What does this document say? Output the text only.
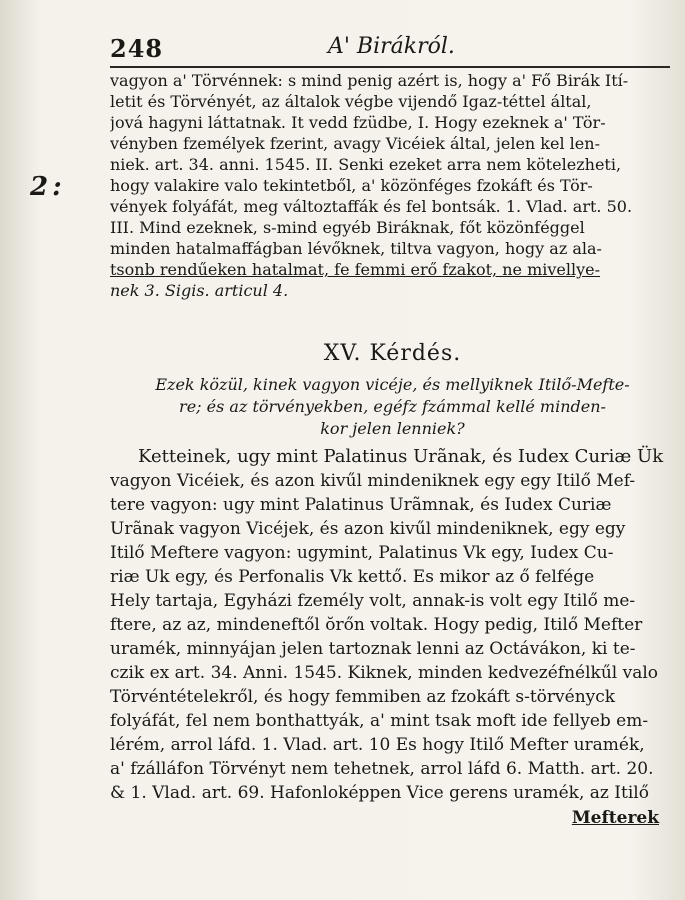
248	A' Birákról.
2:
vagyon a' Törvénnek: s mind penig azért is, hogy a' Fő Birák Ití-
letit és Törvényét, az általok végbe vijendő Igaz-téttel által,
jová hagyni láttatnak. It vedd fzüdbe, I. Hogy ezeknek a' Tör-
vényben fzemélyek fzerint, avagy Vicéiek által, jelen kel len-
niek. art. 34. anni. 1545. II. Senki ezeket arra nem kötelezheti,
hogy valakire valo tekintetből, a' közönféges fzokáft és Tör-
vények folyáfát, meg változtaffák és fel bontsák. 1. Vlad. art. 50.
III. Mind ezeknek, s-mind egyéb Biráknak, főt közönféggel
minden hatalmaffágban lévőknek, tiltva vagyon, hogy az ala-
tsonb rendűeken hatalmat, fe femmi erő fzakot, ne mivellye-
nek 3. Sigis. articul 4.
XV. Kérdés.
Ezek közül, kinek vagyon vicéje, és mellyiknek Itilő-Mefte-
re; és az törvényekben, egéfz fzámmal kellé minden-
kor jelen lenniek?
Ketteinek, ugy mint Palatinus Urãnak, és Iudex Curiæ Ük
vagyon Vicéiek, és azon kivűl mindeniknek egy egy Itilő Mef-
tere vagyon: ugy mint Palatinus Urãmnak, és Iudex Curiæ
Urãnak vagyon Vicéjek, és azon kivűl mindeniknek, egy egy
Itilő Meftere vagyon: ugymint, Palatinus Vk egy, Iudex Cu-
riæ Uk egy, és Perfonalis Vk kettő. Es mikor az ő felfége
Hely tartaja, Egyházi fzemély volt, annak-is volt egy Itilő me-
ftere, az az, mindeneftől ŏrőn voltak. Hogy pedig, Itilő Mefter
uramék, minnyájan jelen tartoznak lenni az Octávákon, ki te-
czik ex art. 34. Anni. 1545. Kiknek, minden kedvezéfnélkűl valo
Törvéntételekről, és hogy femmiben az fzokáft s-törvényck
folyáfát, fel nem bonthattyák, a' mint tsak moft ide fellyeb em-
lérém, arrol láfd. 1. Vlad. art. 10 Es hogy Itilő Mefter uramék,
a' fzálláfon Törvényt nem tehetnek, arrol láfd 6. Matth. art. 20.
& 1. Vlad. art. 69. Hafonloképpen Vice gerens uramék, az Itilő
Mefterek
